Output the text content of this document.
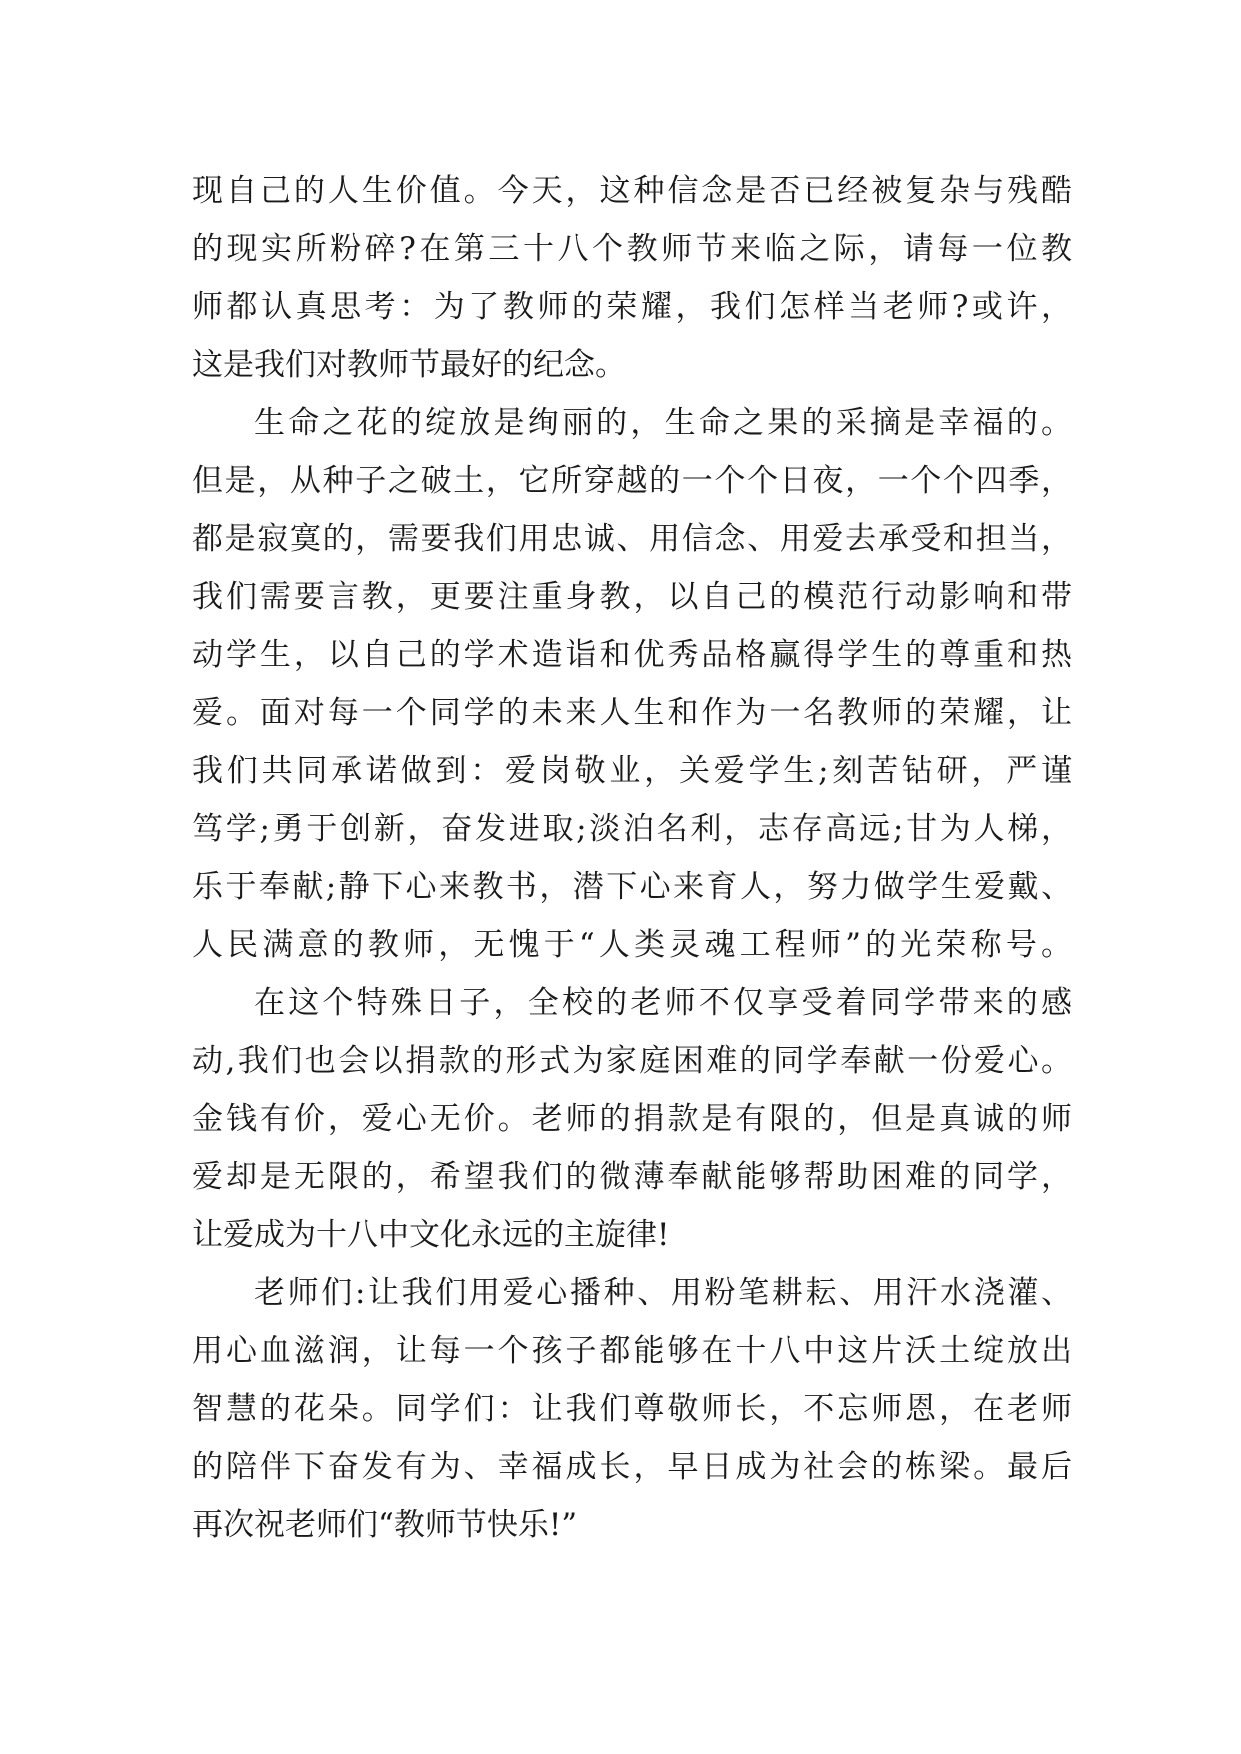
现自己的人生价值。今天，这种信念是否已经被复杂与残酷
的现实所粉碎?在第三十八个教师节来临之际，请每一位教
师都认真思考：为了教师的荣耀，我们怎样当老师?或许，
这是我们对教师节最好的纪念。
生命之花的绽放是绚丽的，生命之果的采摘是幸福的。
但是，从种子之破土，它所穿越的一个个日夜，一个个四季，
都是寂寞的，需要我们用忠诚、用信念、用爱去承受和担当，
我们需要言教，更要注重身教，以自己的模范行动影响和带
动学生，以自己的学术造诣和优秀品格赢得学生的尊重和热
爱。面对每一个同学的未来人生和作为一名教师的荣耀，让
我们共同承诺做到：爱岗敬业，关爱学生;刻苦钻研，严谨
笃学;勇于创新，奋发进取;淡泊名利，志存高远;甘为人梯，
乐于奉献;静下心来教书，潜下心来育人，努力做学生爱戴、
人民满意的教师，无愧于“人类灵魂工程师”的光荣称号。
在这个特殊日子，全校的老师不仅享受着同学带来的感
动,我们也会以捐款的形式为家庭困难的同学奉献一份爱心。
金钱有价，爱心无价。老师的捐款是有限的，但是真诚的师
爱却是无限的，希望我们的微薄奉献能够帮助困难的同学，
让爱成为十八中文化永远的主旋律!
老师们:让我们用爱心播种、用粉笔耕耘、用汗水浇灌、
用心血滋润，让每一个孩子都能够在十八中这片沃土绽放出
智慧的花朵。同学们：让我们尊敬师长，不忘师恩，在老师
的陪伴下奋发有为、幸福成长，早日成为社会的栋梁。最后
再次祝老师们“教师节快乐!”
